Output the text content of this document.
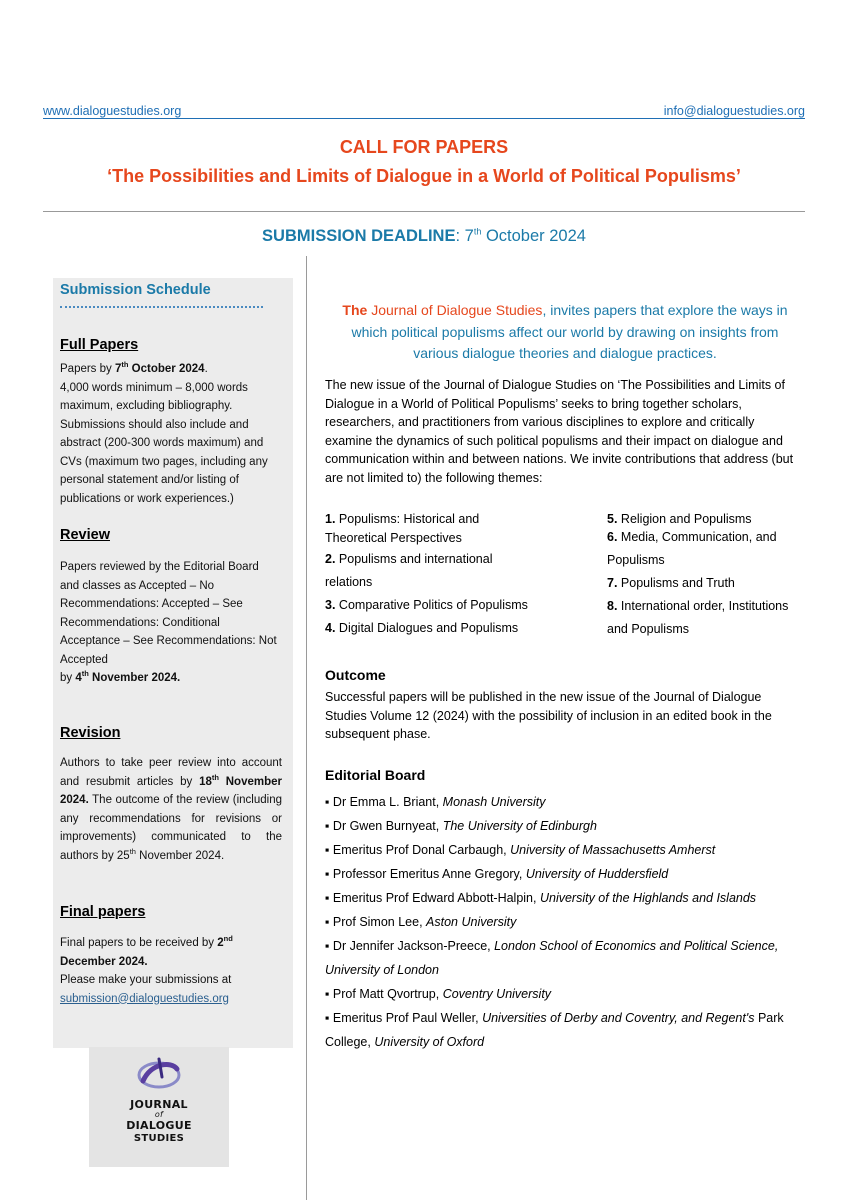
www.dialoguestudies.org	info@dialoguestudies.org
CALL FOR PAPERS
‘The Possibilities and Limits of Dialogue in a World of Political Populisms’
SUBMISSION DEADLINE: 7th October 2024
Submission Schedule
Full Papers
Papers by 7th October 2024.
4,000 words minimum – 8,000 words maximum, excluding bibliography. Submissions should also include and abstract (200-300 words maximum) and CVs (maximum two pages, including any personal statement and/or listing of publications or work experiences.)
Review
Papers reviewed by the Editorial Board and classes as Accepted – No Recommendations: Accepted – See Recommendations: Conditional Acceptance – See Recommendations: Not Accepted
by 4th November 2024.
Revision
Authors to take peer review into account and resubmit articles by 18th November 2024. The outcome of the review (including any recommendations for revisions or improvements) communicated to the authors by 25th November 2024.
Final papers
Final papers to be received by 2nd December 2024.
Please make your submissions at
submission@dialoguestudies.org
JOURNAL
of
DIALOGUE
STUDIES
The Journal of Dialogue Studies, invites papers that explore the ways in which political populisms affect our world by drawing on insights from various dialogue theories and dialogue practices.
The new issue of the Journal of Dialogue Studies on ‘The Possibilities and Limits of Dialogue in a World of Political Populisms’ seeks to bring together scholars, researchers, and practitioners from various disciplines to explore and critically examine the dynamics of such political populisms and their impact on dialogue and communication within and between nations. We invite contributions that address (but are not limited to) the following themes:
1. Populisms: Historical and Theoretical Perspectives
2. Populisms and international relations
3. Comparative Politics of Populisms
4. Digital Dialogues and Populisms
5. Religion and Populisms
6. Media, Communication, and Populisms
7. Populisms and Truth
8. International order, Institutions and Populisms
Outcome
Successful papers will be published in the new issue of the Journal of Dialogue Studies Volume 12 (2024) with the possibility of inclusion in an edited book in the subsequent phase.
Editorial Board
▪ Dr Emma L. Briant, Monash University
▪ Dr Gwen Burnyeat, The University of Edinburgh
▪ Emeritus Prof Donal Carbaugh, University of Massachusetts Amherst
▪ Professor Emeritus Anne Gregory, University of Huddersfield
▪ Emeritus Prof Edward Abbott-Halpin, University of the Highlands and Islands
▪ Prof Simon Lee, Aston University
▪ Dr Jennifer Jackson-Preece, London School of Economics and Political Science,
University of London
▪ Prof Matt Qvortrup, Coventry University
▪ Emeritus Prof Paul Weller, Universities of Derby and Coventry, and Regent's Park
College, University of Oxford
